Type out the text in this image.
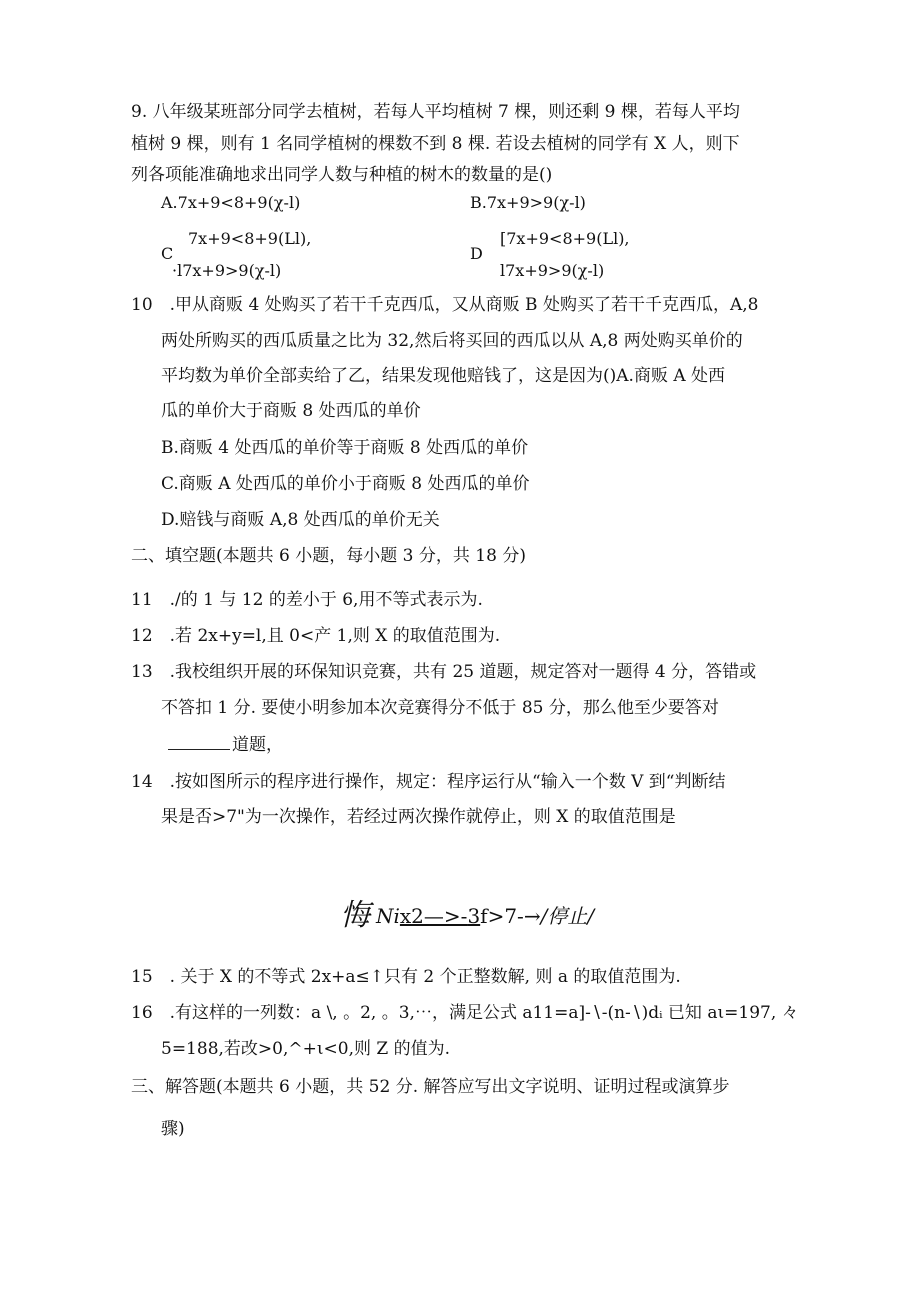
9. 八年级某班部分同学去植树，若每人平均植树 7 棵，则还剩 9 棵，若每人平均
植树 9 棵，则有 1 名同学植树的棵数不到 8 棵. 若设去植树的同学有 X 人，则下
列各项能准确地求出同学人数与种植的树木的数量的是()
A.7x+9<8+9(χ-l)	B.7x+9>9(χ-l)
C
7x+9<8+9(Ll),
·l7x+9>9(χ-l)
D
[7x+9<8+9(Ll),
l7x+9>9(χ-l)
10　.甲从商贩 4 处购买了若干千克西瓜，又从商贩 B 处购买了若干千克西瓜，A,8
两处所购买的西瓜质量之比为 32,然后将买回的西瓜以从 A,8 两处购买单价的
平均数为单价全部卖给了乙，结果发现他赔钱了，这是因为()A.商贩 A 处西
瓜的单价大于商贩 8 处西瓜的单价
B.商贩 4 处西瓜的单价等于商贩 8 处西瓜的单价
C.商贩 A 处西瓜的单价小于商贩 8 处西瓜的单价
D.赔钱与商贩 A,8 处西瓜的单价无关
二、填空题(本题共 6 小题，每小题 3 分，共 18 分)
11　./的 1 与 12 的差小于 6,用不等式表示为.
12　.若 2x+y=l,且 0<产 1,则 X 的取值范围为.
13　.我校组织开展的环保知识竞赛，共有 25 道题，规定答对一题得 4 分，答错或
不答扣 1 分. 要使小明参加本次竞赛得分不低于 85 分，那么他至少要答对
道题，
14　.按如图所示的程序进行操作，规定：程序运行从“输入一个数 V 到“判断结
果是否>7"为一次操作，若经过两次操作就停止，则 X 的取值范围是
悔 Nix2—>-3f>7-→/停止/
15　. 关于 X 的不等式 2x+a≤↑只有 2 个正整数解, 则 a 的取值范围为.
16　.有这样的一列数：a \, 。2, 。3,⋯，满足公式 a11=a]-∖-(n-∖)dᵢ 已知 aι=197, 々
5=188,若改>0,^+ι<0,则 Z 的值为.
三、解答题(本题共 6 小题，共 52 分. 解答应写出文字说明、证明过程或演算步
骤)
